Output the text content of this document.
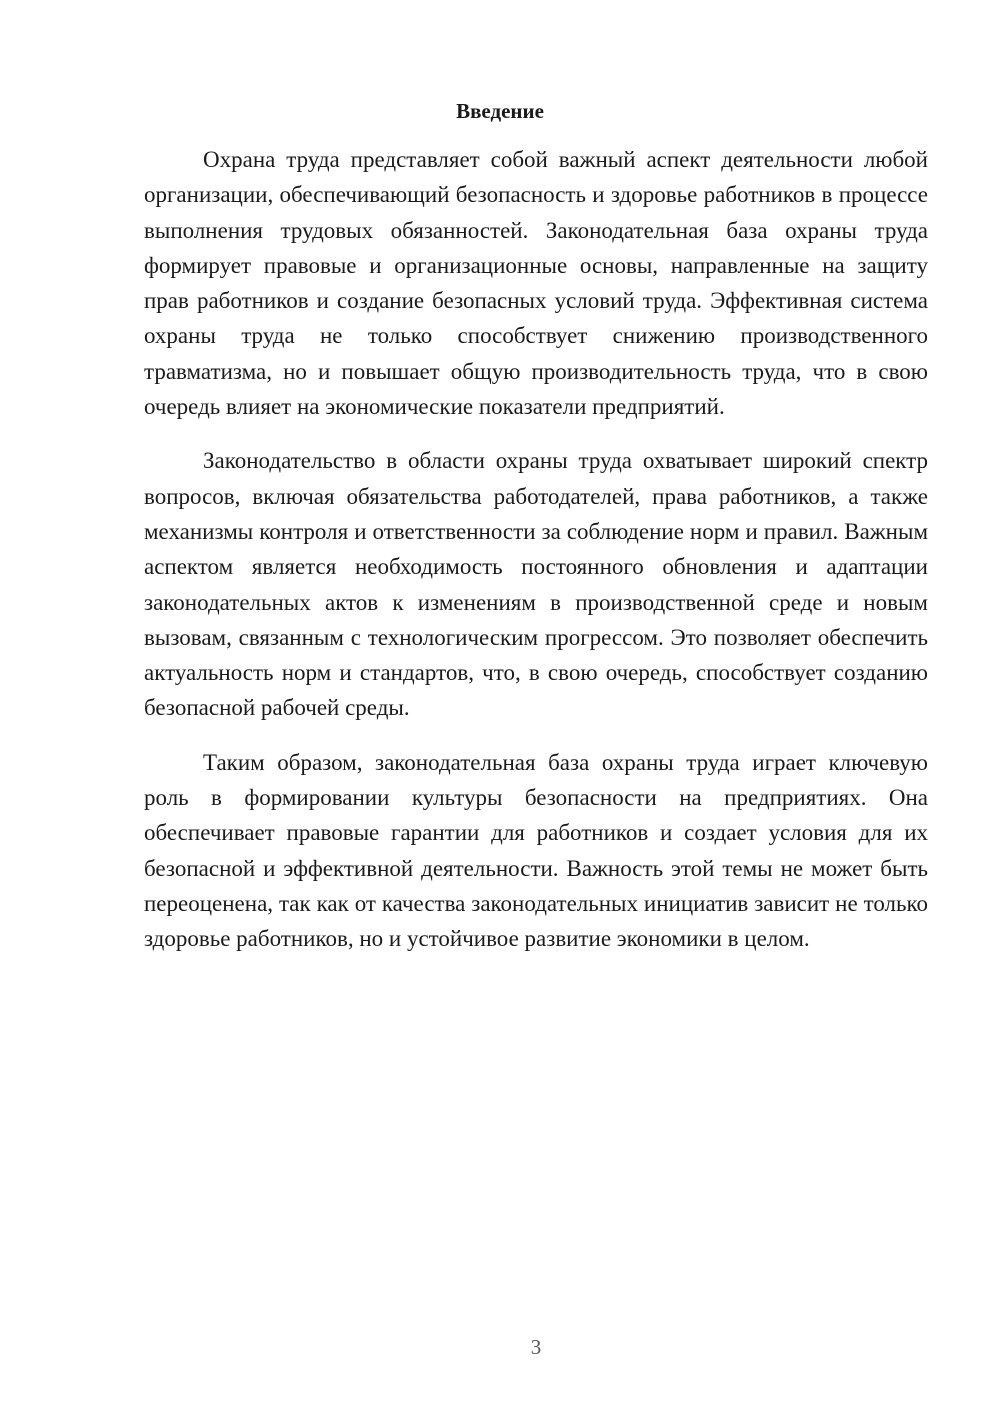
Введение

Охрана труда представляет собой важный аспект деятельности любой организации, обеспечивающий безопасность и здоровье работников в процессе выполнения трудовых обязанностей. Законодательная база охраны труда формирует правовые и организационные основы, направленные на защиту прав работников и создание безопасных условий труда. Эффективная система охраны труда не только способствует снижению производственного травматизма, но и повышает общую производительность труда, что в свою очередь влияет на экономические показатели предприятий.

Законодательство в области охраны труда охватывает широкий спектр вопросов, включая обязательства работодателей, права работников, а также механизмы контроля и ответственности за соблюдение норм и правил. Важным аспектом является необходимость постоянного обновления и адаптации законодательных актов к изменениям в производственной среде и новым вызовам, связанным с технологическим прогрессом. Это позволяет обеспечить актуальность норм и стандартов, что, в свою очередь, способствует созданию безопасной рабочей среды.

Таким образом, законодательная база охраны труда играет ключевую роль в формировании культуры безопасности на предприятиях. Она обеспечивает правовые гарантии для работников и создает условия для их безопасной и эффективной деятельности. Важность этой темы не может быть переоценена, так как от качества законодательных инициатив зависит не только здоровье работников, но и устойчивое развитие экономики в целом.

3
